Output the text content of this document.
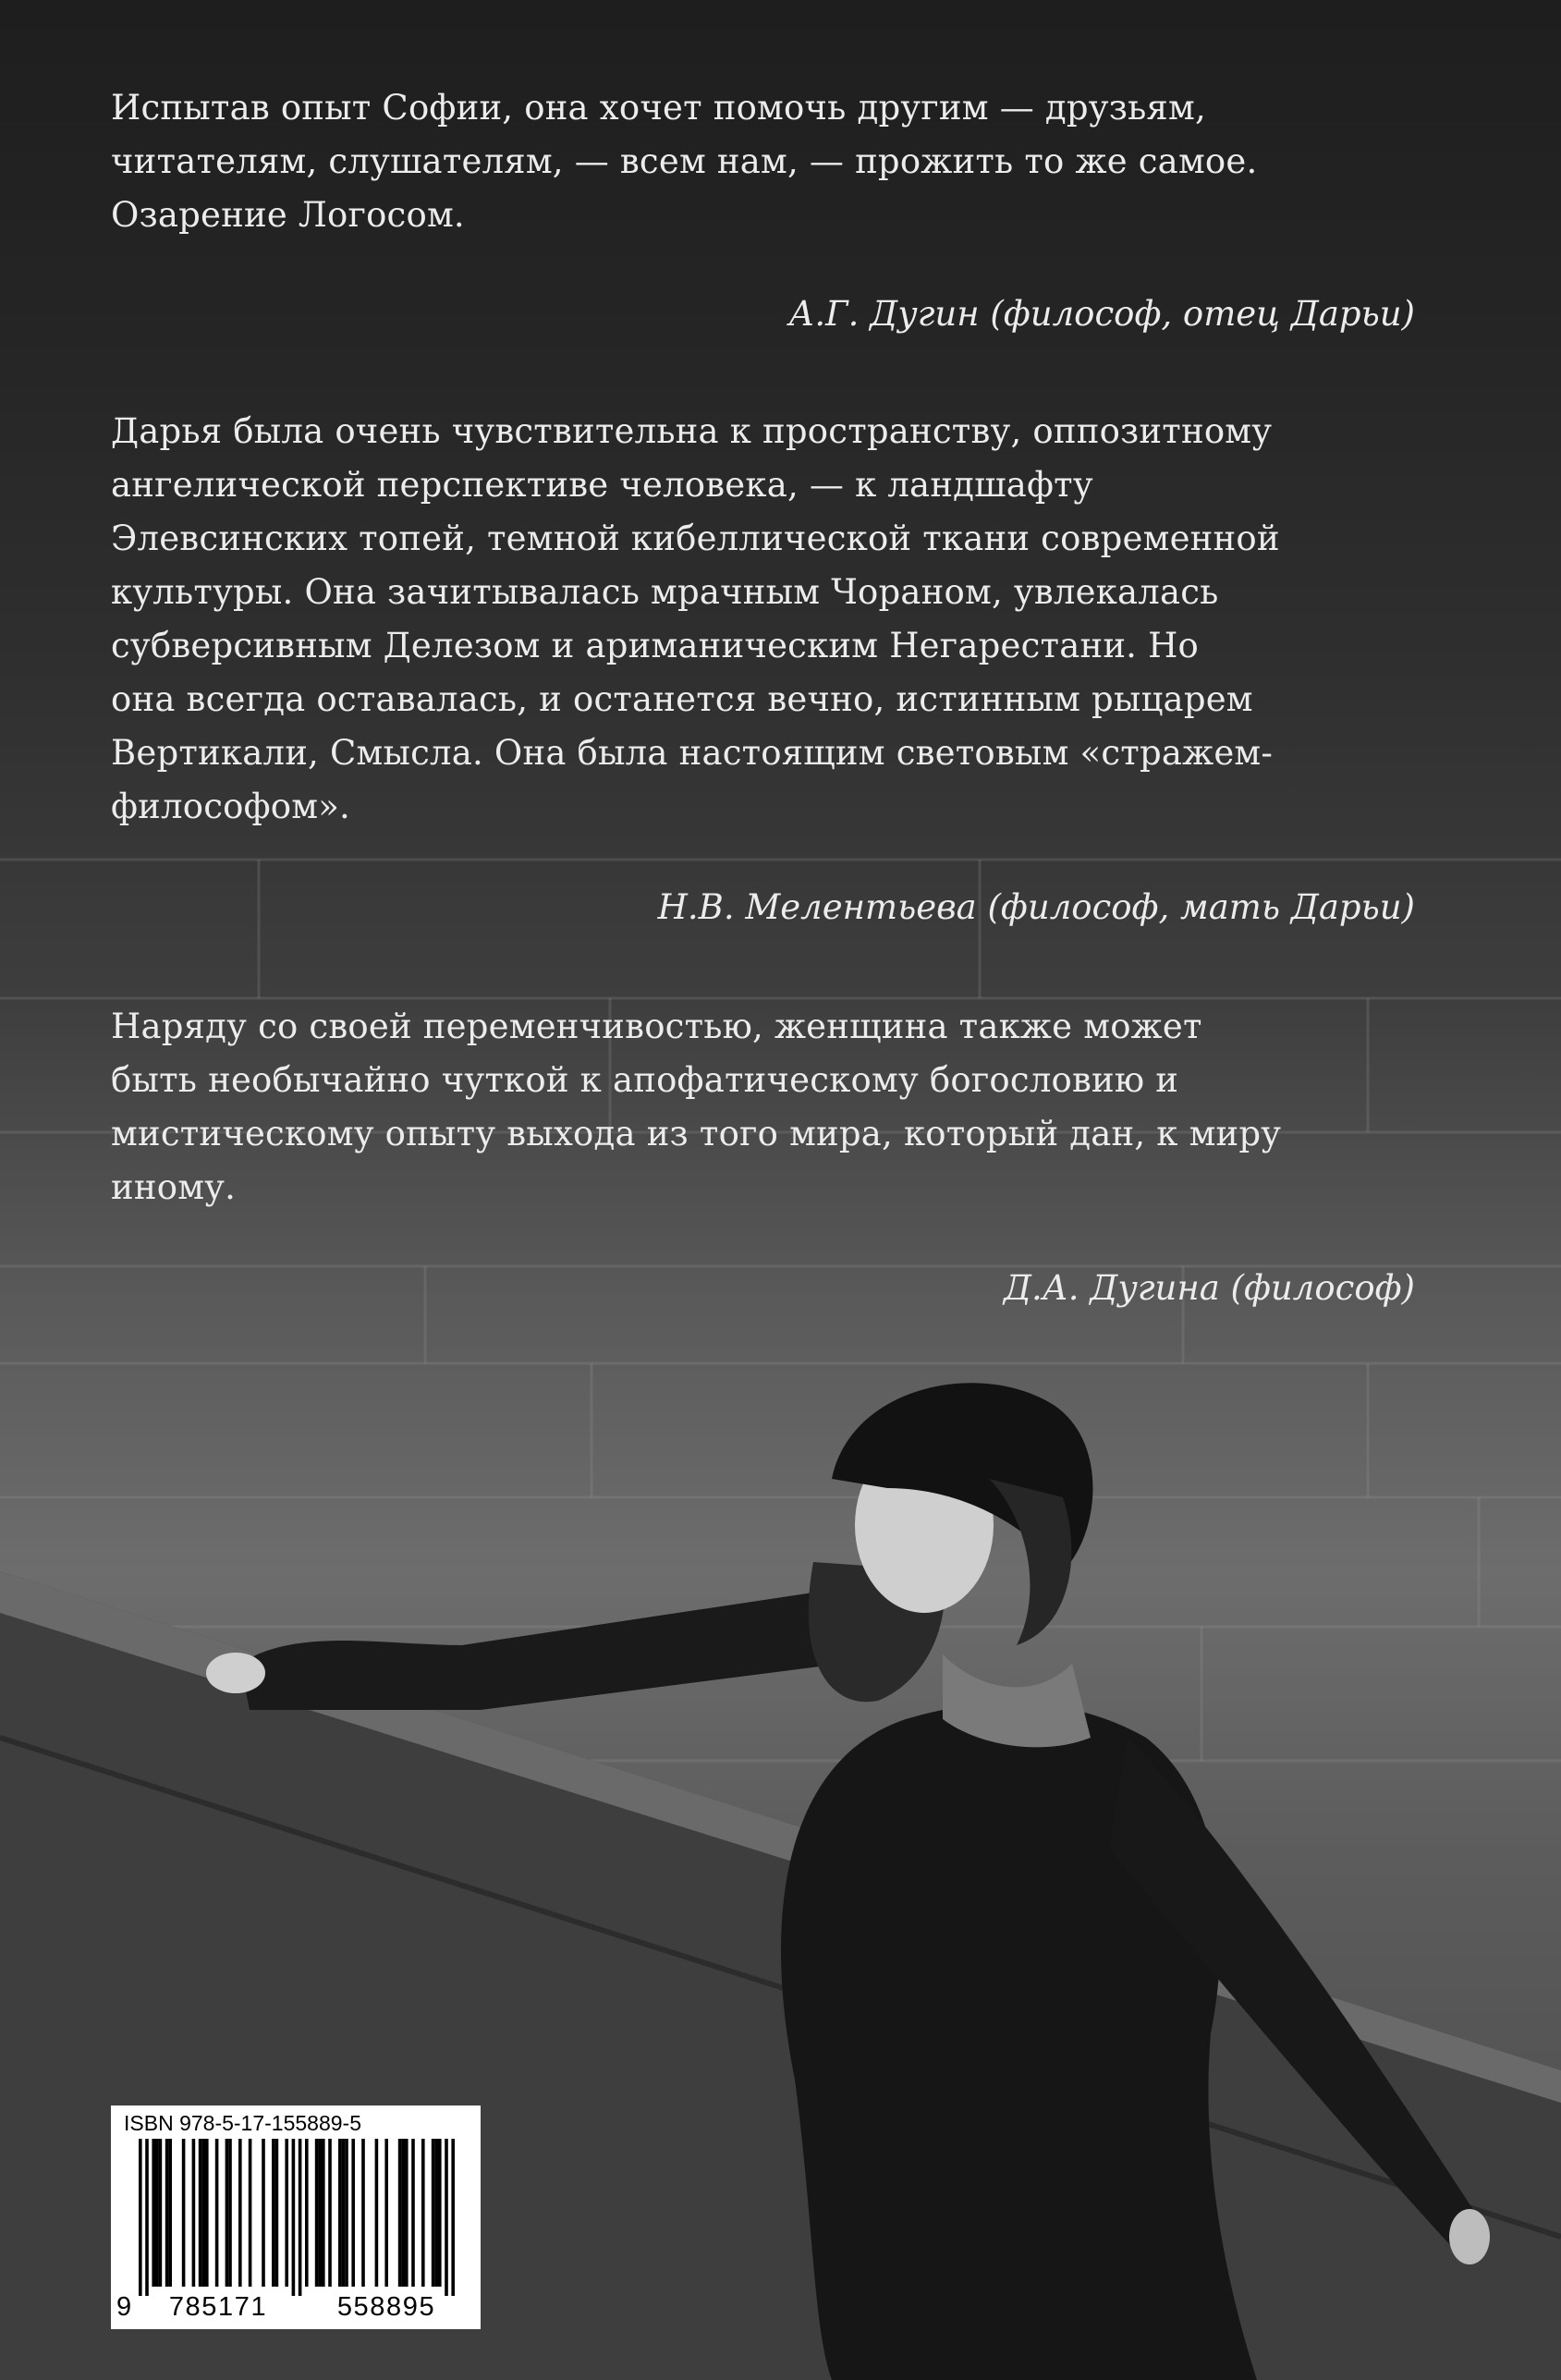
Испытав опыт Софии, она хочет помочь другим — друзьям,
читателям, слушателям, — всем нам, — прожить то же самое.
Озарение Логосом.
А.Г. Дугин (философ, отец Дарьи)
Дарья была очень чувствительна к пространству, оппозитному
ангелической перспективе человека, — к ландшафту
Элевсинских топей, темной кибеллической ткани современной
культуры. Она зачитывалась мрачным Чораном, увлекалась
субверсивным Делезом и ариманическим Негарестани. Но
она всегда оставалась, и останется вечно, истинным рыцарем
Вертикали, Смысла. Она была настоящим световым «стражем-
философом».
Н.В. Мелентьева (философ, мать Дарьи)
Наряду со своей переменчивостью, женщина также может
быть необычайно чуткой к апофатическому богословию и
мистическому опыту выхода из того мира, который дан, к миру
иному.
Д.А. Дугина (философ)
ISBN 978-5-17-155889-5
9	785171	558895
